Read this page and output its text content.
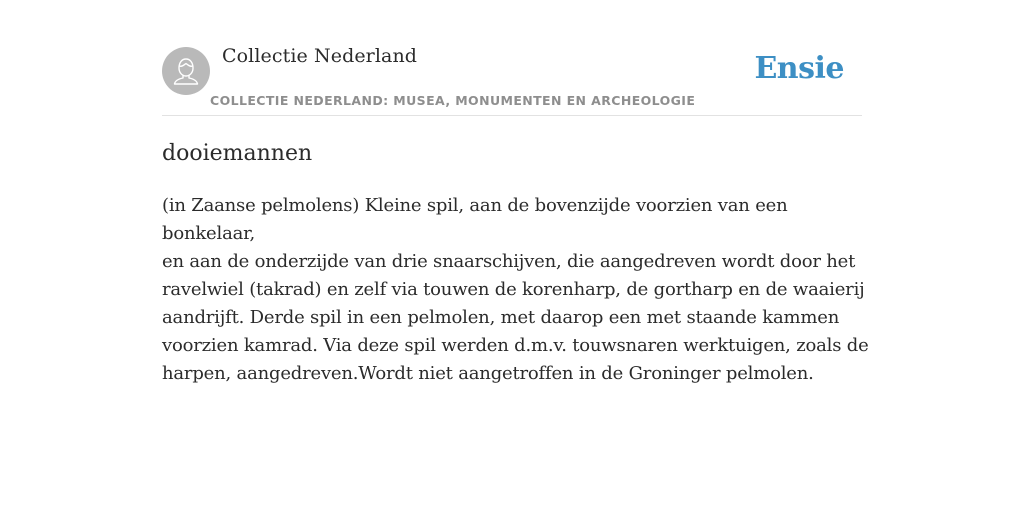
Collectie Nederland
COLLECTIE NEDERLAND: MUSEA, MONUMENTEN EN ARCHEOLOGIE
Ensie
dooiemannen
(in Zaanse pelmolens) Kleine spil, aan de bovenzijde voorzien van een bonkelaar,
en aan de onderzijde van drie snaarschijven, die aangedreven wordt door het
ravelwiel (takrad) en zelf via touwen de korenharp, de gortharp en de waaierij
aandrijft. Derde spil in een pelmolen, met daarop een met staande kammen
voorzien kamrad. Via deze spil werden d.m.v. touwsnaren werktuigen, zoals de
harpen, aangedreven.Wordt niet aangetroffen in de Groninger pelmolen.
